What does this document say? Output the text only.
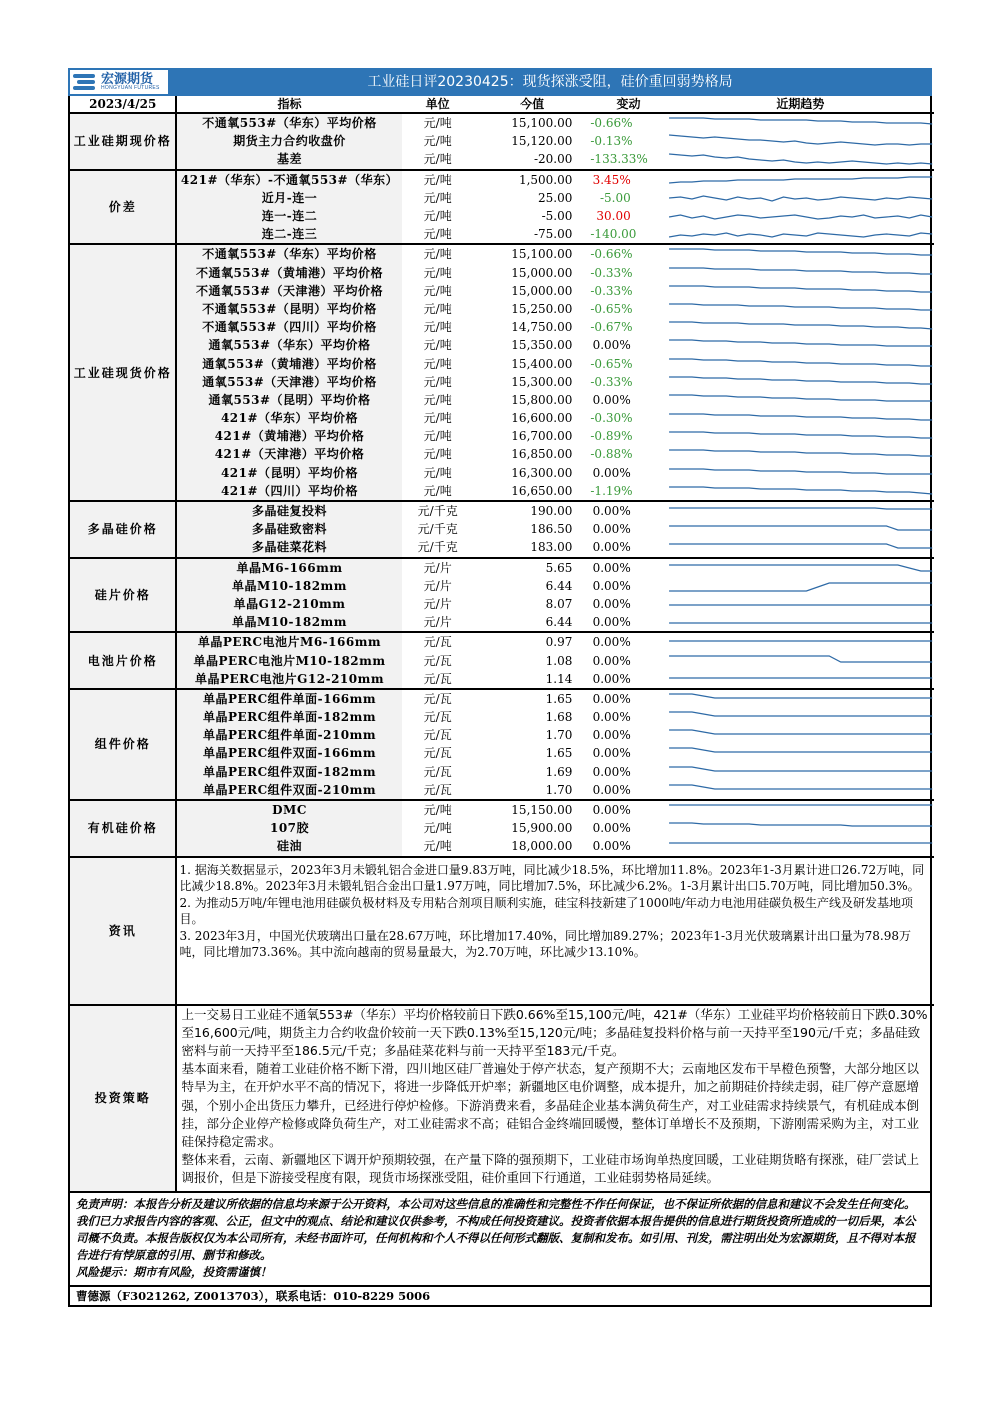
宏源期货
HONGYUAN FUTURES	工业硅日评20230425：现货探涨受阻，硅价重回弱势格局
2023/4/25	指标	单位	今值	变动	近期趋势
工业硅期现价格	不通氧553#（华东）平均价格	元/吨	15,100.00	-0.66%	

	期货主力合约收盘价	元/吨	15,120.00	-0.13%	

	基差	元/吨	-20.00	-133.33%	

价差	421#（华东）-不通氧553#（华东）	元/吨	1,500.00	3.45%	

	近月-连一	元/吨	25.00	-5.00	

	连一-连二	元/吨	-5.00	30.00	

	连二-连三	元/吨	-75.00	-140.00	

工业硅现货价格	不通氧553#（华东）平均价格	元/吨	15,100.00	-0.66%	

	不通氧553#（黄埔港）平均价格	元/吨	15,000.00	-0.33%	

	不通氧553#（天津港）平均价格	元/吨	15,000.00	-0.33%	

	不通氧553#（昆明）平均价格	元/吨	15,250.00	-0.65%	

	不通氧553#（四川）平均价格	元/吨	14,750.00	-0.67%	

	通氧553#（华东）平均价格	元/吨	15,350.00	0.00%	

	通氧553#（黄埔港）平均价格	元/吨	15,400.00	-0.65%	

	通氧553#（天津港）平均价格	元/吨	15,300.00	-0.33%	

	通氧553#（昆明）平均价格	元/吨	15,800.00	0.00%	

	421#（华东）平均价格	元/吨	16,600.00	-0.30%	

	421#（黄埔港）平均价格	元/吨	16,700.00	-0.89%	

	421#（天津港）平均价格	元/吨	16,850.00	-0.88%	

	421#（昆明）平均价格	元/吨	16,300.00	0.00%	

	421#（四川）平均价格	元/吨	16,650.00	-1.19%	

多晶硅价格	多晶硅复投料	元/千克	190.00	0.00%	

	多晶硅致密料	元/千克	186.50	0.00%	

	多晶硅菜花料	元/千克	183.00	0.00%	

硅片价格	单晶M6-166mm	元/片	5.65	0.00%	

	单晶M10-182mm	元/片	6.44	0.00%	

	单晶G12-210mm	元/片	8.07	0.00%	

	单晶M10-182mm	元/片	6.44	0.00%	

电池片价格	单晶PERC电池片M6-166mm	元/瓦	0.97	0.00%	

	单晶PERC电池片M10-182mm	元/瓦	1.08	0.00%	

	单晶PERC电池片G12-210mm	元/瓦	1.14	0.00%	

组件价格	单晶PERC组件单面-166mm	元/瓦	1.65	0.00%	

	单晶PERC组件单面-182mm	元/瓦	1.68	0.00%	

	单晶PERC组件单面-210mm	元/瓦	1.70	0.00%	

	单晶PERC组件双面-166mm	元/瓦	1.65	0.00%	

	单晶PERC组件双面-182mm	元/瓦	1.69	0.00%	

	单晶PERC组件双面-210mm	元/瓦	1.70	0.00%	

有机硅价格	DMC	元/吨	15,150.00	0.00%	

	107胶	元/吨	15,900.00	0.00%	

	硅油	元/吨	18,000.00	0.00%	

资讯	1. 据海关数据显示，2023年3月未锻轧铝合金进口量9.83万吨，同比减少18.5%，环比增加11.8%。2023年1-3月累计进口26.72万吨，同比减少18.8%。2023年3月未锻轧铝合金出口量1.97万吨，同比增加7.5%，环比减少6.2%。1-3月累计出口5.70万吨，同比增加50.3%。
2. 为推动5万吨/年锂电池用硅碳负极材料及专用粘合剂项目顺利实施，硅宝科技新建了1000吨/年动力电池用硅碳负极生产线及研发基地项目。
3. 2023年3月，中国光伏玻璃出口量在28.67万吨，环比增加17.40%，同比增加89.27%；2023年1-3月光伏玻璃累计出口量为78.98万吨，同比增加73.36%。其中流向越南的贸易量最大，为2.70万吨，环比减少13.10%。				

投资策略	上一交易日工业硅不通氧553#（华东）平均价格较前日下跌0.66%至15,100元/吨，421#（华东）工业硅平均价格较前日下跌0.30%至16,600元/吨，期货主力合约收盘价较前一天下跌0.13%至15,120元/吨；多晶硅复投料价格与前一天持平至190元/千克；多晶硅致密料与前一天持平至186.5元/千克；多晶硅菜花料与前一天持平至183元/千克。
基本面来看，随着工业硅价格不断下滑，四川地区硅厂普遍处于停产状态，复产预期不大；云南地区发布干旱橙色预警，大部分地区以特旱为主，在开炉水平不高的情况下，将进一步降低开炉率；新疆地区电价调整，成本提升，加之前期硅价持续走弱，硅厂停产意愿增强，个别小企出货压力攀升，已经进行停炉检修。下游消费来看，多晶硅企业基本满负荷生产，对工业硅需求持续景气，有机硅成本倒挂，部分企业停产检修或降负荷生产，对工业硅需求不高；硅铝合金终端回暖慢，整体订单增长不及预期，下游刚需采购为主，对工业硅保持稳定需求。
整体来看，云南、新疆地区下调开炉预期较强，在产量下降的强预期下，工业硅市场询单热度回暖，工业硅期货略有探涨，硅厂尝试上调报价，但是下游接受程度有限，现货市场探涨受阻，硅价重回下行通道，工业硅弱势格局延续。				
免责声明：本报告分析及建议所依据的信息均来源于公开资料，本公司对这些信息的准确性和完整性不作任何保证，也不保证所依据的信息和建议不会发生任何变化。我们已力求报告内容的客观、公正，但文中的观点、结论和建议仅供参考，不构成任何投资建议。投资者依据本报告提供的信息进行期货投资所造成的一切后果，本公司概不负责。本报告版权仅为本公司所有，未经书面许可，任何机构和个人不得以任何形式翻版、复制和发布。如引用、刊发，需注明出处为宏源期货，且不得对本报告进行有悖原意的引用、删节和修改。
风险提示：期市有风险，投资需谨慎！
曹德源（F3021262, Z0013703），联系电话：010-8229 5006
